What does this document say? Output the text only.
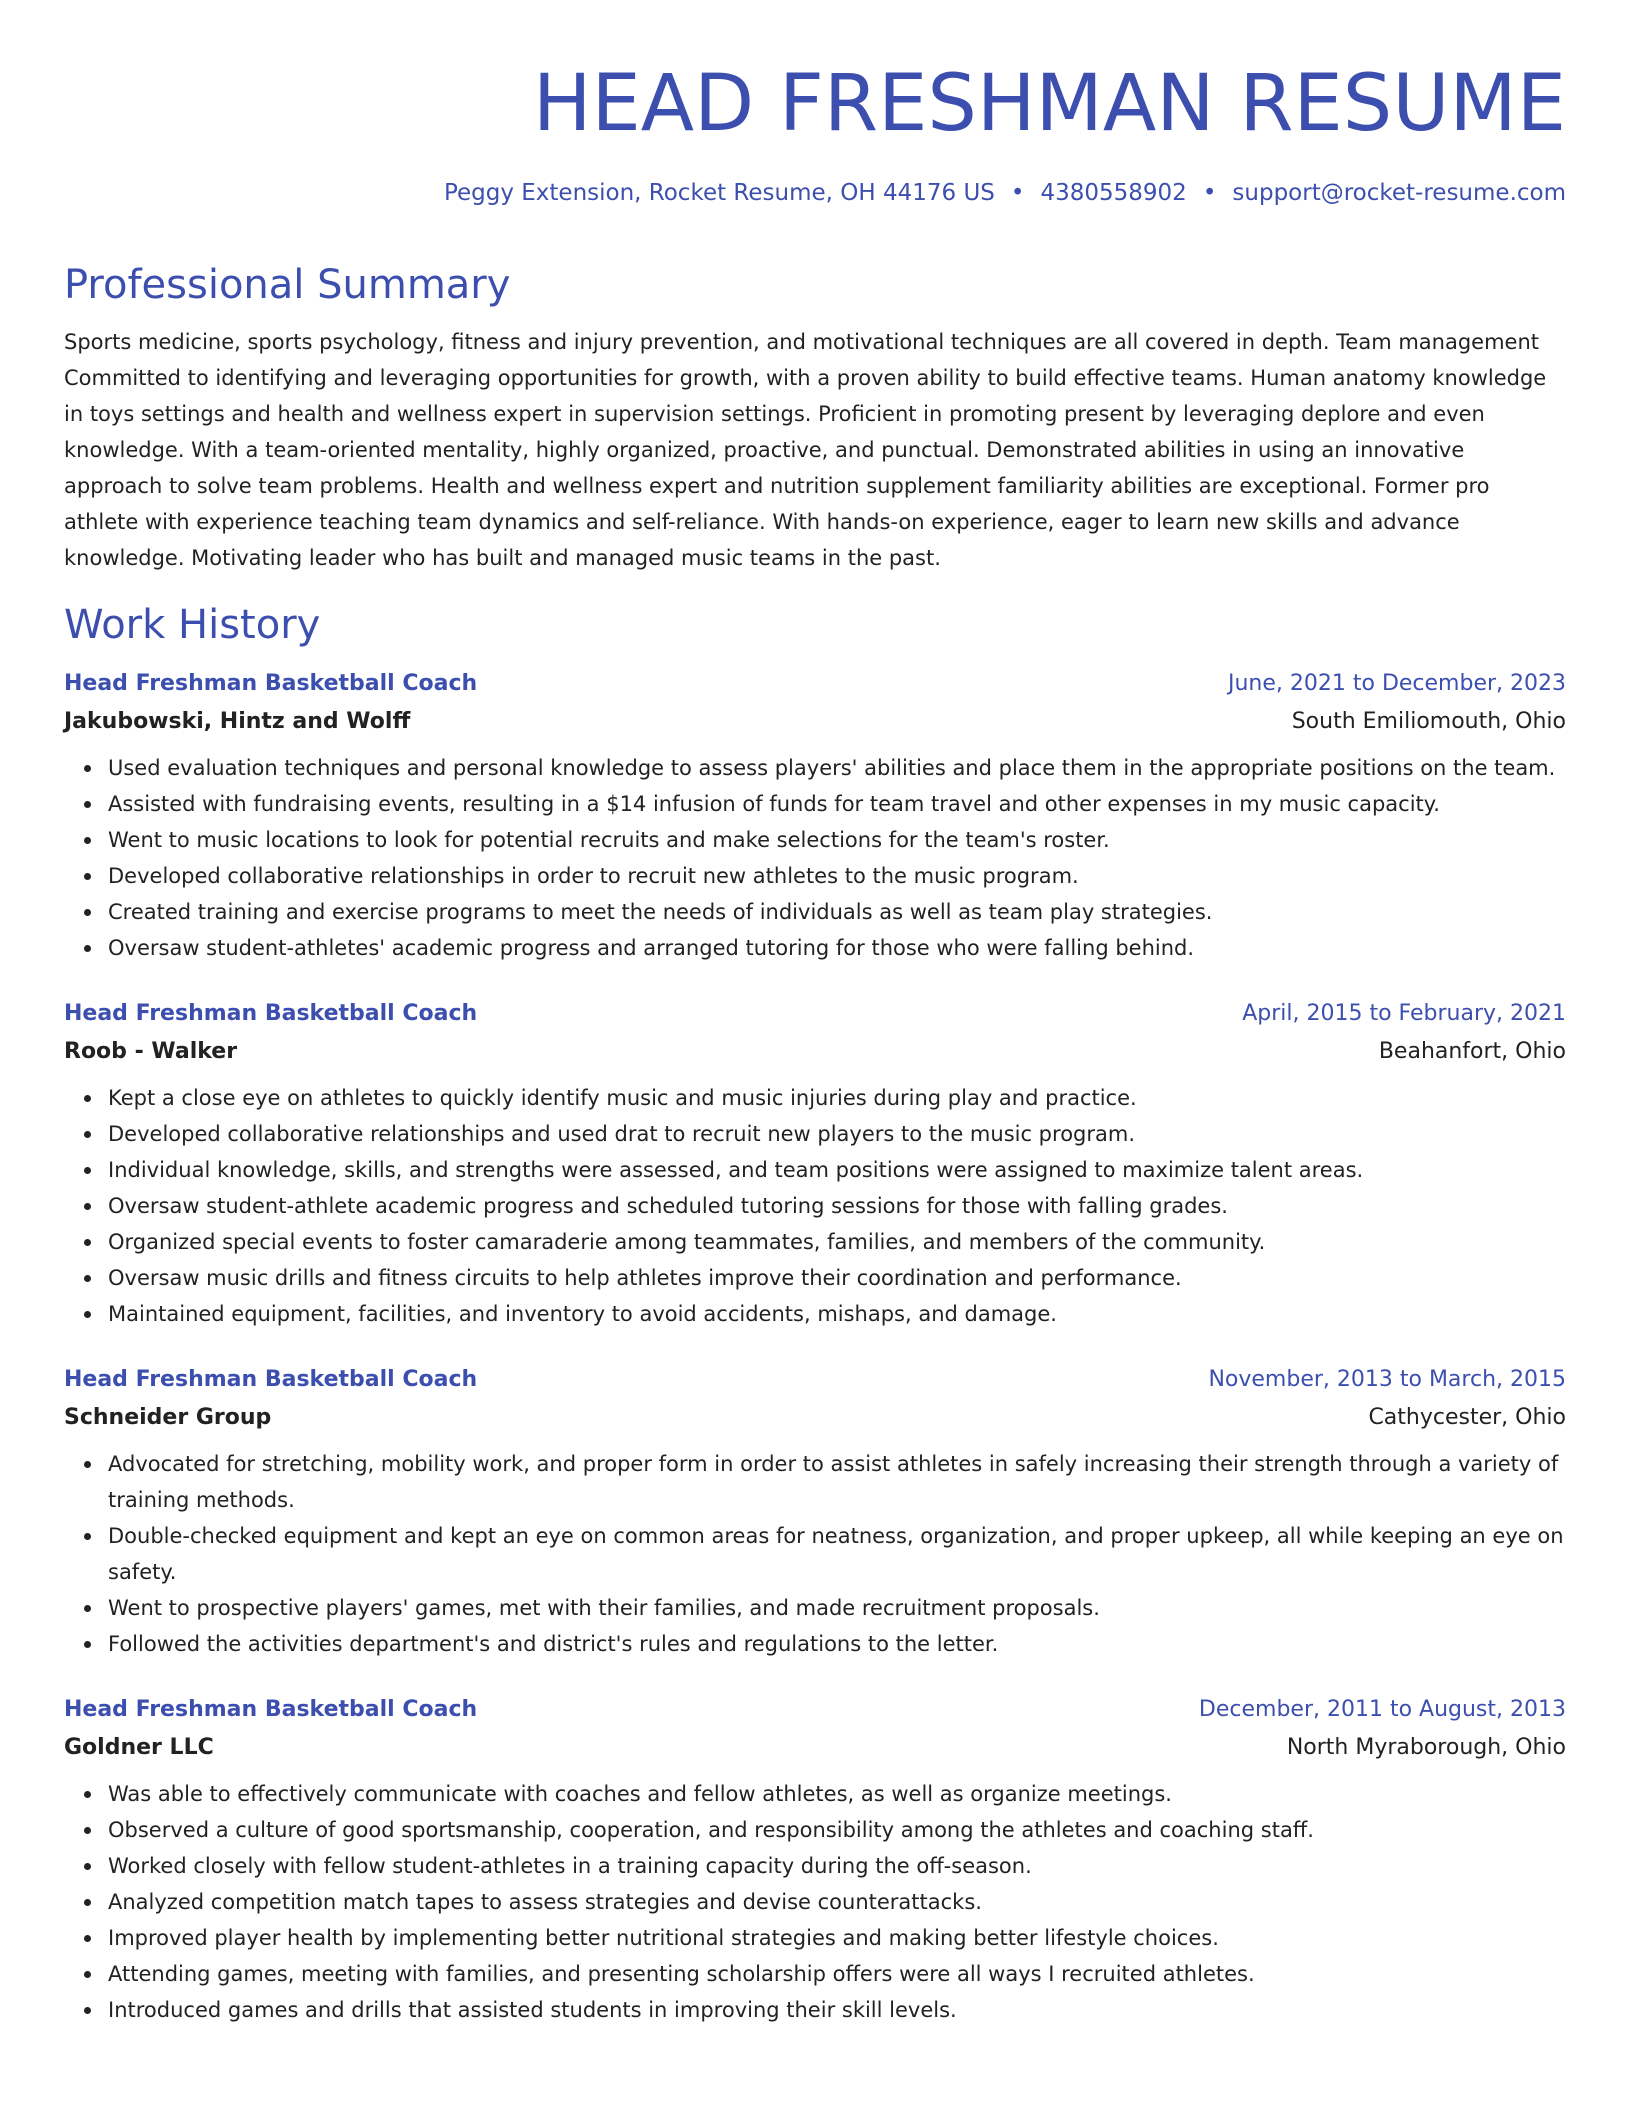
HEAD FRESHMAN RESUME
Peggy Extension, Rocket Resume, OH 44176 US • 4380558902 • support@rocket-resume.com
Professional Summary

Sports medicine, sports psychology, fitness and injury prevention, and motivational techniques are all covered in depth. Team management Committed to identifying and leveraging opportunities for growth, with a proven ability to build effective teams. Human anatomy knowledge in toys settings and health and wellness expert in supervision settings. Proficient in promoting present by leveraging deplore and even knowledge. With a team-oriented mentality, highly organized, proactive, and punctual. Demonstrated abilities in using an innovative approach to solve team problems. Health and wellness expert and nutrition supplement familiarity abilities are exceptional. Former pro athlete with experience teaching team dynamics and self-reliance. With hands-on experience, eager to learn new skills and advance knowledge. Motivating leader who has built and managed music teams in the past.

Work History
Head Freshman Basketball Coach	June, 2021 to December, 2023
Jakubowski, Hintz and Wolff	South Emiliomouth, Ohio
Used evaluation techniques and personal knowledge to assess players' abilities and place them in the appropriate positions on the team.
Assisted with fundraising events, resulting in a $14 infusion of funds for team travel and other expenses in my music capacity.
Went to music locations to look for potential recruits and make selections for the team's roster.
Developed collaborative relationships in order to recruit new athletes to the music program.
Created training and exercise programs to meet the needs of individuals as well as team play strategies.
Oversaw student-athletes' academic progress and arranged tutoring for those who were falling behind.
Head Freshman Basketball Coach	April, 2015 to February, 2021
Roob - Walker	Beahanfort, Ohio
Kept a close eye on athletes to quickly identify music and music injuries during play and practice.
Developed collaborative relationships and used drat to recruit new players to the music program.
Individual knowledge, skills, and strengths were assessed, and team positions were assigned to maximize talent areas.
Oversaw student-athlete academic progress and scheduled tutoring sessions for those with falling grades.
Organized special events to foster camaraderie among teammates, families, and members of the community.
Oversaw music drills and fitness circuits to help athletes improve their coordination and performance.
Maintained equipment, facilities, and inventory to avoid accidents, mishaps, and damage.
Head Freshman Basketball Coach	November, 2013 to March, 2015
Schneider Group	Cathycester, Ohio
Advocated for stretching, mobility work, and proper form in order to assist athletes in safely increasing their strength through a variety of training methods.
Double-checked equipment and kept an eye on common areas for neatness, organization, and proper upkeep, all while keeping an eye on safety.
Went to prospective players' games, met with their families, and made recruitment proposals.
Followed the activities department's and district's rules and regulations to the letter.
Head Freshman Basketball Coach	December, 2011 to August, 2013
Goldner LLC	North Myraborough, Ohio
Was able to effectively communicate with coaches and fellow athletes, as well as organize meetings.
Observed a culture of good sportsmanship, cooperation, and responsibility among the athletes and coaching staff.
Worked closely with fellow student-athletes in a training capacity during the off-season.
Analyzed competition match tapes to assess strategies and devise counterattacks.
Improved player health by implementing better nutritional strategies and making better lifestyle choices.
Attending games, meeting with families, and presenting scholarship offers were all ways I recruited athletes.
Introduced games and drills that assisted students in improving their skill levels.
